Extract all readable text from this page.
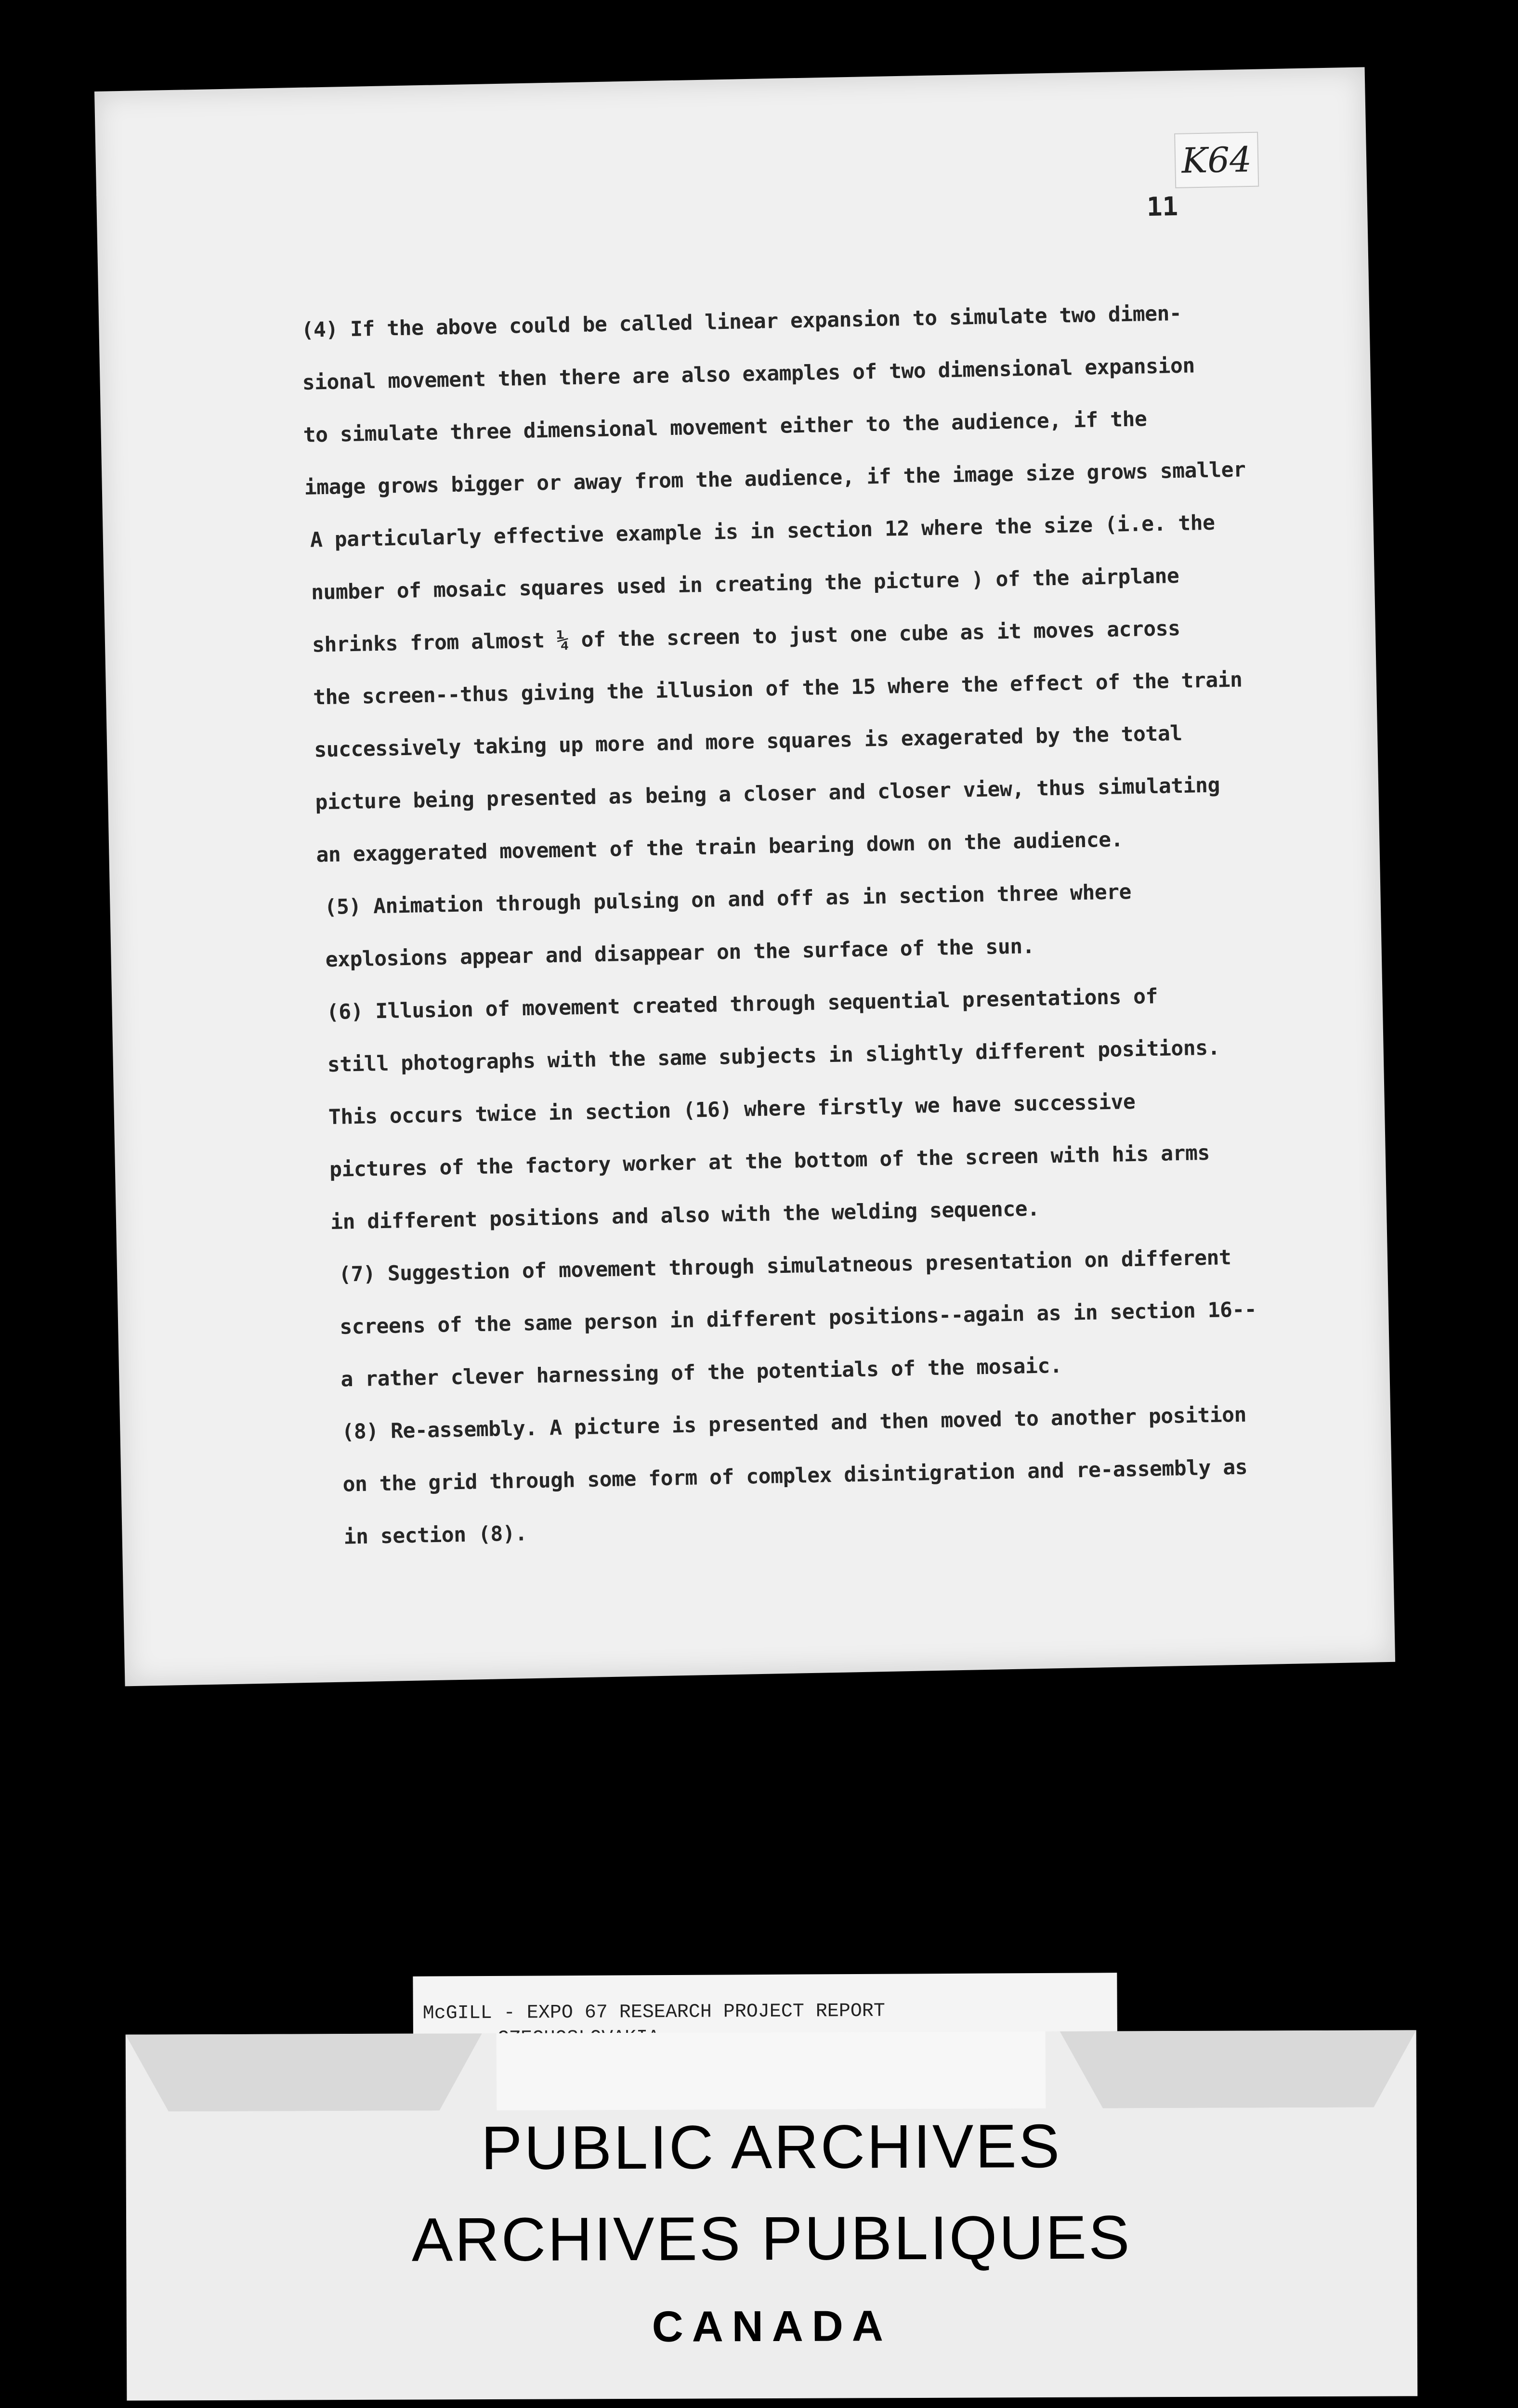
K64
11
(4) If the above could be called linear expansion to simulate two dimen-
sional movement then there are also examples of two dimensional expansion
to simulate three dimensional movement either to the audience, if the
image grows bigger or away from the audience, if the image size grows smaller
A particularly effective example is in section 12 where the size (i.e. the
number of mosaic squares used in creating the picture ) of the airplane
shrinks from almost ¼ of the screen to just one cube as it moves across
the screen--thus giving the illusion of the 15 where the effect of the train
successively taking up more and more squares is exagerated by the total
picture being presented as being a closer and closer view, thus simulating
an exaggerated movement of the train bearing down on the audience.
(5) Animation through pulsing on and off as in section three where
explosions appear and disappear on the surface of the sun.
(6) Illusion of movement created through sequential presentations of
still photographs with the same subjects in slightly different positions.
This occurs twice in section (16) where firstly we have successive
pictures of the factory worker at the bottom of the screen with his arms
in different positions and also with the welding sequence.
(7) Suggestion of movement through simulatneous presentation on different
screens of the same person in different positions--again as in section 16--
a rather clever harnessing of the potentials of the mosaic.
(8) Re-assembly. A picture is presented and then moved to another position
on the grid through some form of complex disintigration and re-assembly as
in section (8).
McGILL - EXPO 67 RESEARCH PROJECT REPORT
PUBLIC ARCHIVES
ARCHIVES PUBLIQUES
CANADA
